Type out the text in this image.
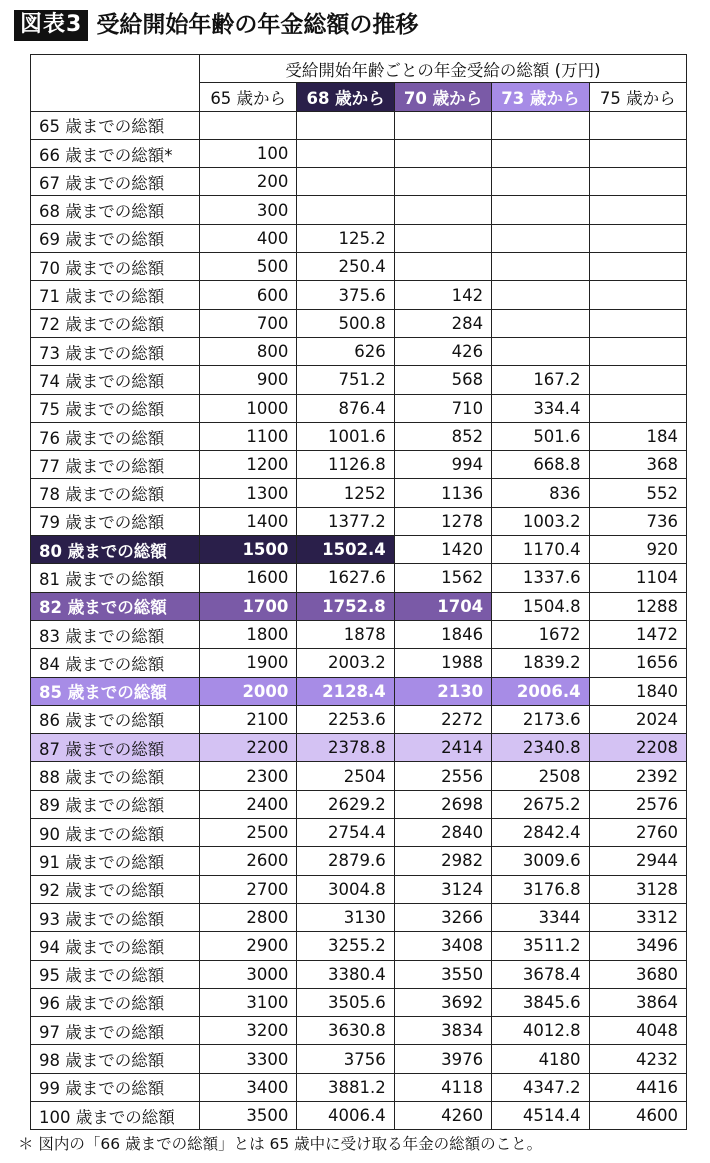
図表3 受給開始年齢の年金総額の推移
	受給開始年齢ごとの年金受給の総額 (万円)				
	65 歳から	68 歳から	70 歳から	73 歳から	75 歳から
65 歳までの総額					
66 歳までの総額*	100				
67 歳までの総額	200				
68 歳までの総額	300				
69 歳までの総額	400	125.2			
70 歳までの総額	500	250.4			
71 歳までの総額	600	375.6	142		
72 歳までの総額	700	500.8	284		
73 歳までの総額	800	626	426		
74 歳までの総額	900	751.2	568	167.2	
75 歳までの総額	1000	876.4	710	334.4	
76 歳までの総額	1100	1001.6	852	501.6	184
77 歳までの総額	1200	1126.8	994	668.8	368
78 歳までの総額	1300	1252	1136	836	552
79 歳までの総額	1400	1377.2	1278	1003.2	736
80 歳までの総額	1500	1502.4	1420	1170.4	920
81 歳までの総額	1600	1627.6	1562	1337.6	1104
82 歳までの総額	1700	1752.8	1704	1504.8	1288
83 歳までの総額	1800	1878	1846	1672	1472
84 歳までの総額	1900	2003.2	1988	1839.2	1656
85 歳までの総額	2000	2128.4	2130	2006.4	1840
86 歳までの総額	2100	2253.6	2272	2173.6	2024
87 歳までの総額	2200	2378.8	2414	2340.8	2208
88 歳までの総額	2300	2504	2556	2508	2392
89 歳までの総額	2400	2629.2	2698	2675.2	2576
90 歳までの総額	2500	2754.4	2840	2842.4	2760
91 歳までの総額	2600	2879.6	2982	3009.6	2944
92 歳までの総額	2700	3004.8	3124	3176.8	3128
93 歳までの総額	2800	3130	3266	3344	3312
94 歳までの総額	2900	3255.2	3408	3511.2	3496
95 歳までの総額	3000	3380.4	3550	3678.4	3680
96 歳までの総額	3100	3505.6	3692	3845.6	3864
97 歳までの総額	3200	3630.8	3834	4012.8	4048
98 歳までの総額	3300	3756	3976	4180	4232
99 歳までの総額	3400	3881.2	4118	4347.2	4416
100 歳までの総額	3500	4006.4	4260	4514.4	4600
＊ 図内の「66 歳までの総額」とは 65 歳中に受け取る年金の総額のこと。
